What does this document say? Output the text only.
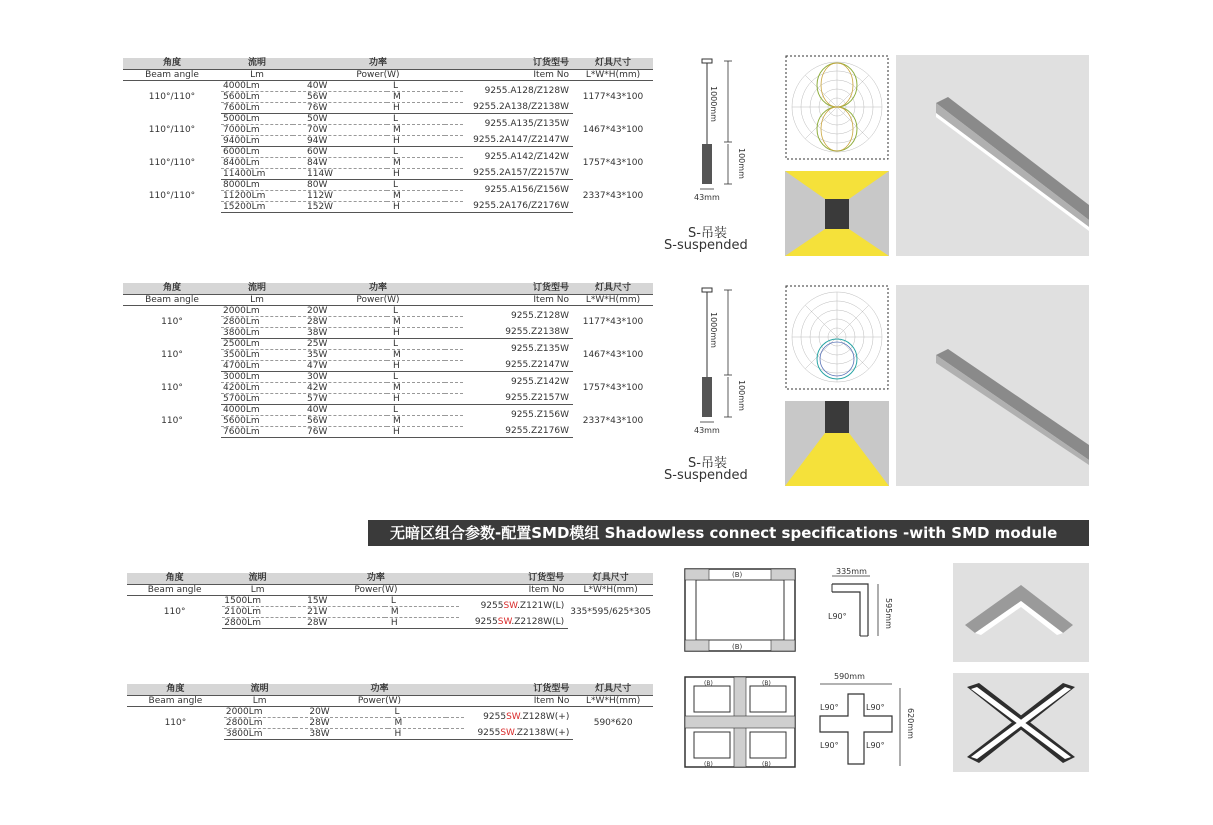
角度	流明	功率			订货型号	灯具尺寸
Beam angle	Lm	Power(W)			Item No	L*W*H(mm)
110°/110°	4000Lm	40W	L		9255.A128/Z128W	1177*43*100
	5600Lm	56W	M			
	7600Lm	76W	H		9255.2A138/Z2138W	
110°/110°	5000Lm	50W	L		9255.A135/Z135W	1467*43*100
	7000Lm	70W	M			
	9400Lm	94W	H		9255.2A147/Z2147W	
110°/110°	6000Lm	60W	L		9255.A142/Z142W	1757*43*100
	8400Lm	84W	M			
	11400Lm	114W	H		9255.2A157/Z2157W	
110°/110°	8000Lm	80W	L		9255.A156/Z156W	2337*43*100
	11200Lm	112W	M			
	15200Lm	152W	H		9255.2A176/Z2176W	
角度	流明	功率			订货型号	灯具尺寸
Beam angle	Lm	Power(W)			Item No	L*W*H(mm)
110°	2000Lm	20W	L		9255.Z128W	1177*43*100
	2800Lm	28W	M			
	3800Lm	38W	H		9255.Z2138W	
110°	2500Lm	25W	L		9255.Z135W	1467*43*100
	3500Lm	35W	M			
	4700Lm	47W	H		9255.Z2147W	
110°	3000Lm	30W	L		9255.Z142W	1757*43*100
	4200Lm	42W	M			
	5700Lm	57W	H		9255.Z2157W	
110°	4000Lm	40W	L		9255.Z156W	2337*43*100
	5600Lm	56W	M			
	7600Lm	76W	H		9255.Z2176W	
角度	流明	功率			订货型号	灯具尺寸
Beam angle	Lm	Power(W)			Item No	L*W*H(mm)
110°	1500Lm	15W	L		9255SW.Z121W(L)	335*595/625*305
	2100Lm	21W	M			
	2800Lm	28W	H		9255SW.Z2128W(L)	
角度	流明	功率			订货型号	灯具尺寸
Beam angle	Lm	Power(W)			Item No	L*W*H(mm)
110°	2000Lm	20W	L		9255SW.Z128W(+)	590*620
	2800Lm	28W	M			
	3800Lm	38W	H		9255SW.Z2138W(+)	
无暗区组合参数-配置SMD模组 Shadowless connect specifications -with SMD module
1000mm
100mm
43mm
S-吊装
S-suspended
1000mm
100mm
43mm
S-吊装
S-suspended
(B)
(B)
335mm
595mm
L90°
(B)	(B)
(B)	(B)
590mm
620mm
L90°	L90°
L90°	L90°
